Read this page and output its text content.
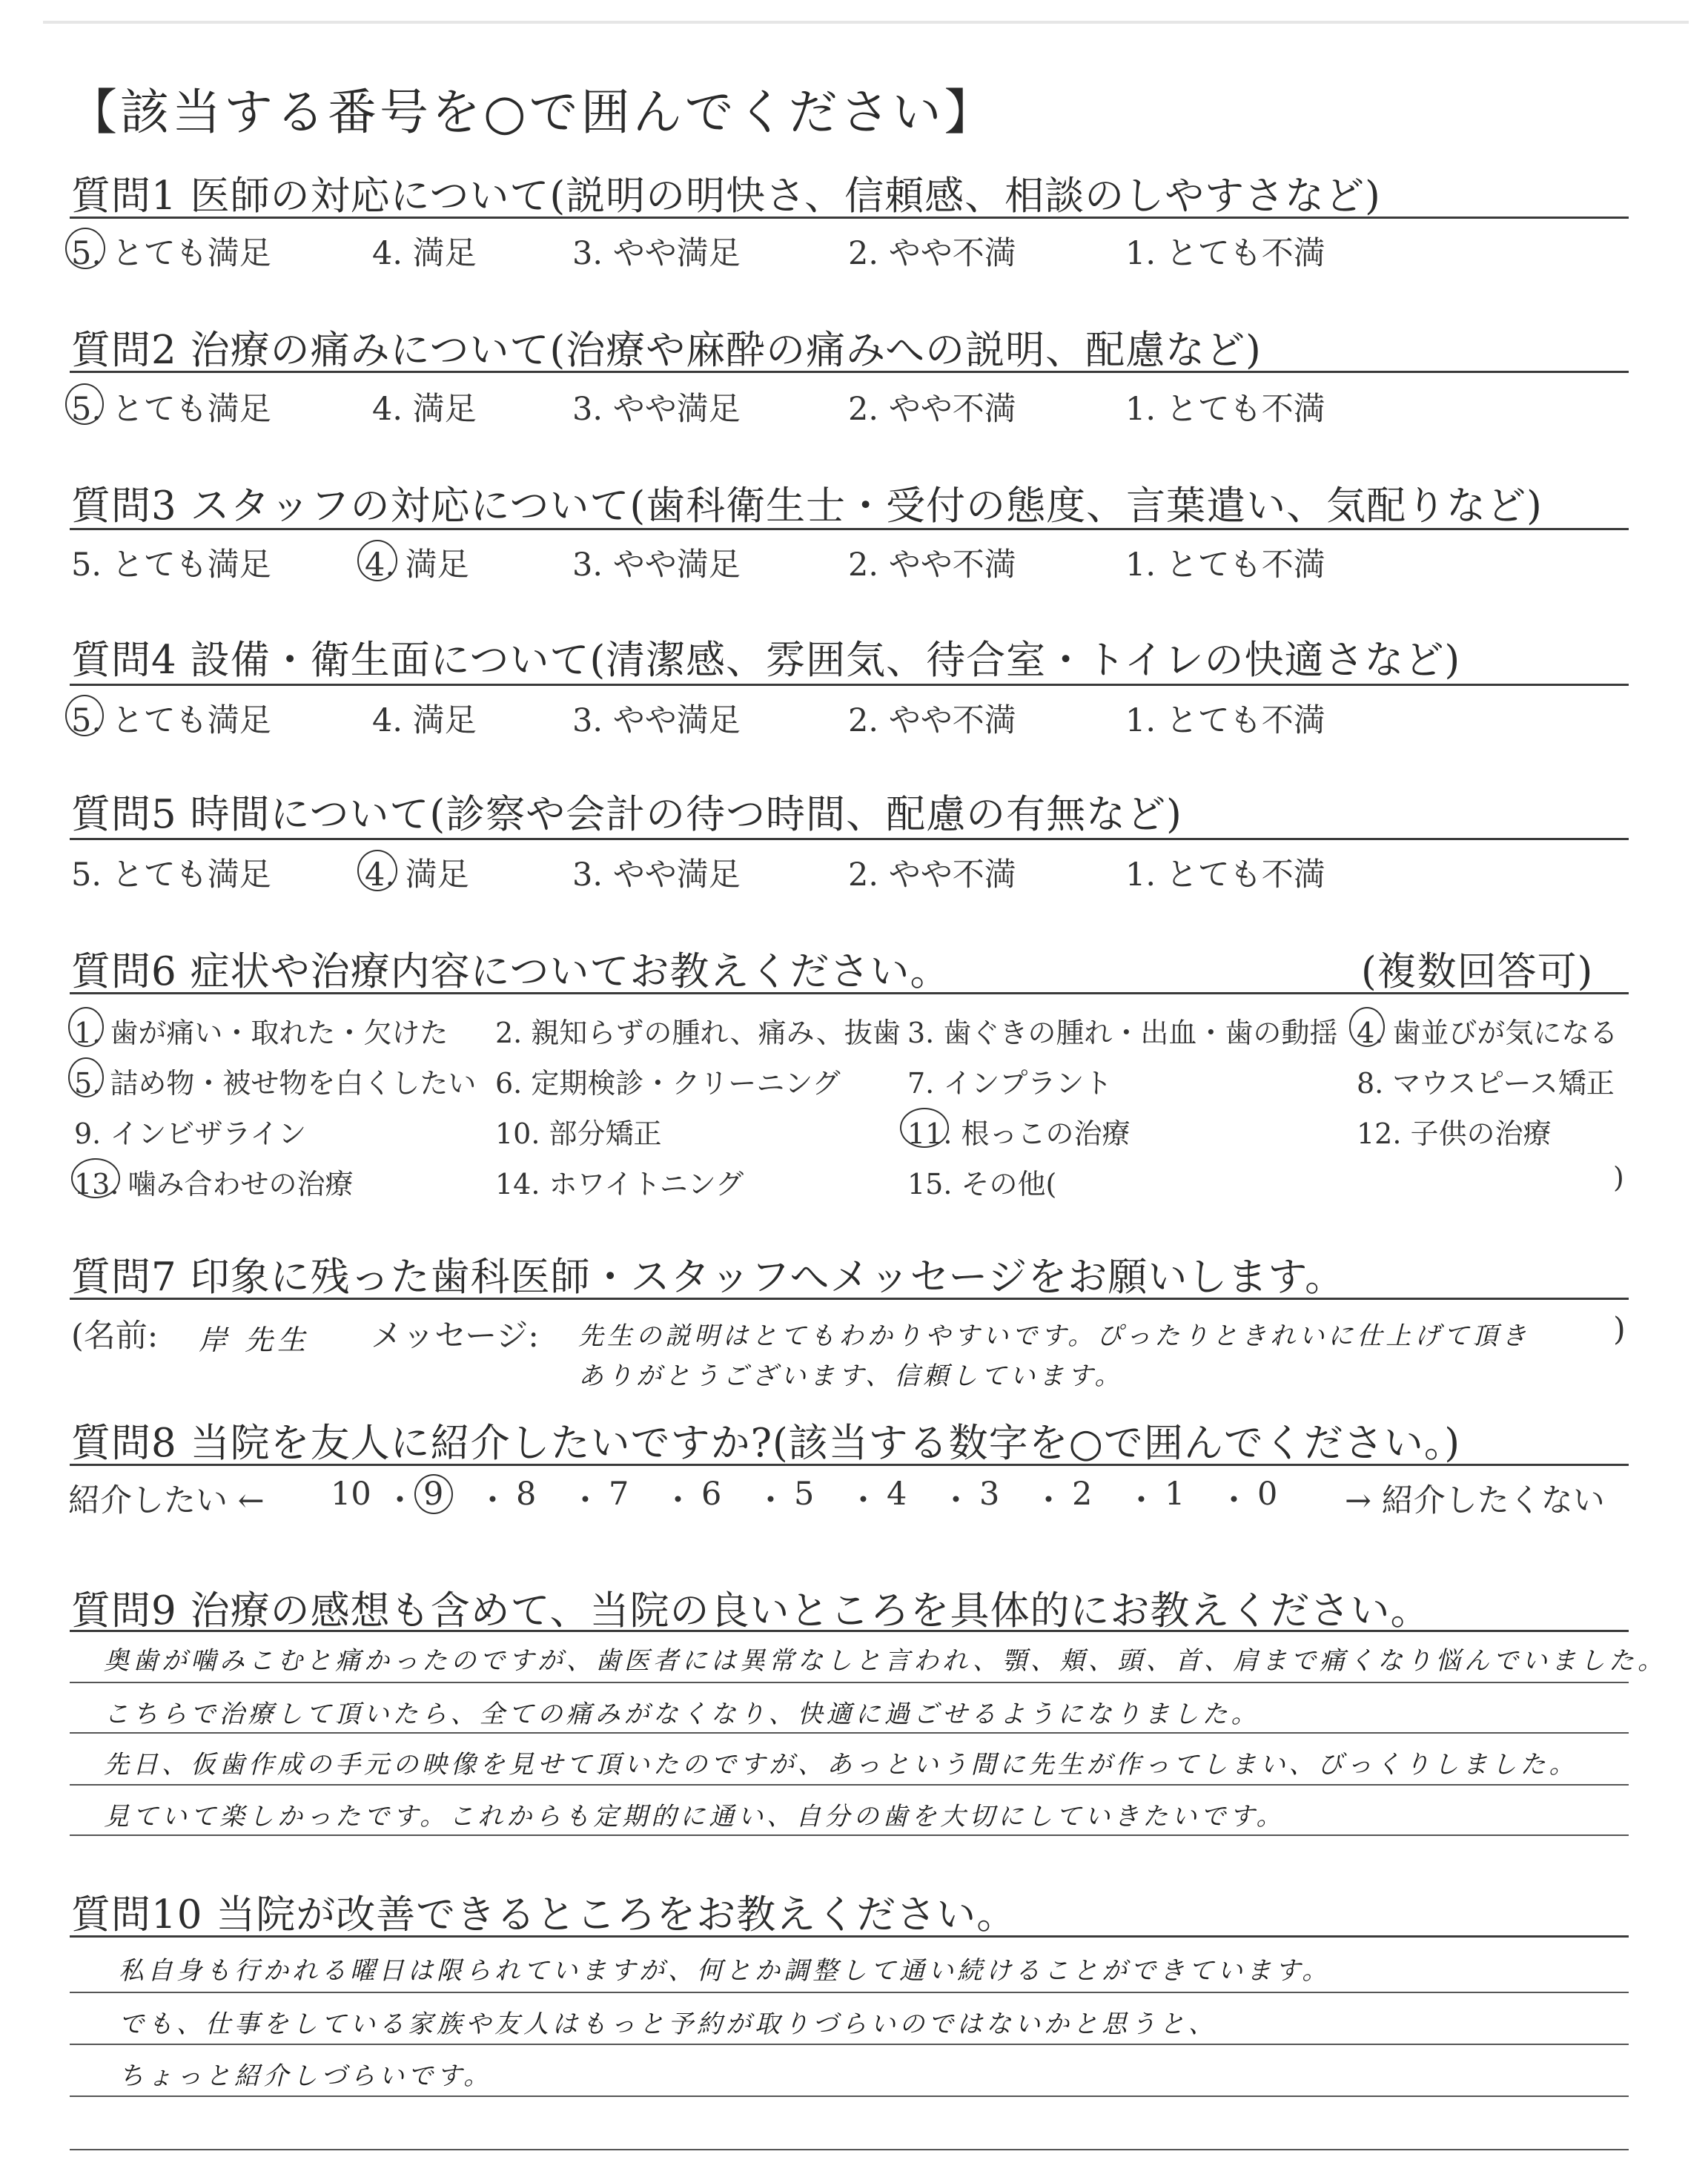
【該当する番号を○で囲んでください】
質問1 医師の対応について(説明の明快さ、信頼感、相談のしやすさなど)
5. とても満足	4. 満足	3. やや満足	2. やや不満	1. とても不満
質問2 治療の痛みについて(治療や麻酔の痛みへの説明、配慮など)
5. とても満足	4. 満足	3. やや満足	2. やや不満	1. とても不満
質問3 スタッフの対応について(歯科衛生士・受付の態度、言葉遣い、気配りなど)
5. とても満足	4. 満足	3. やや満足	2. やや不満	1. とても不満
質問4 設備・衛生面について(清潔感、雰囲気、待合室・トイレの快適さなど)
5. とても満足	4. 満足	3. やや満足	2. やや不満	1. とても不満
質問5 時間について(診察や会計の待つ時間、配慮の有無など)
5. とても満足	4. 満足	3. やや満足	2. やや不満	1. とても不満
質問6 症状や治療内容についてお教えください。	(複数回答可)
1. 歯が痛い・取れた・欠けた 2. 親知らずの腫れ、痛み、抜歯 3. 歯ぐきの腫れ・出血・歯の動揺 4. 歯並びが気になる
5. 詰め物・被せ物を白くしたい 6. 定期検診・クリーニング 7. インプラント	8. マウスピース矯正
9. インビザライン	10. 部分矯正	11. 根っこの治療	12. 子供の治療
13. 噛み合わせの治療	14. ホワイトニング	15. その他(	)
質問7 印象に残った歯科医師・スタッフへメッセージをお願いします。
(名前: 岸 先生 メッセージ: 先生の説明はとてもわかりやすいです。ぴったりときれいに仕上げて頂き
ありがとうございます、信頼しています。
)
質問8 当院を友人に紹介したいですか?(該当する数字を○で囲んでください。)
紹介したい ← 10 ・ 9 ・ 8 ・ 7 ・ 6 ・ 5 ・ 4 ・ 3 ・ 2 ・ 1 ・ 0 → 紹介したくない
質問9 治療の感想も含めて、当院の良いところを具体的にお教えください。
奥歯が噛みこむと痛かったのですが、歯医者には異常なしと言われ、顎、頬、頭、首、肩まで痛くなり悩んでいました。
こちらで治療して頂いたら、全ての痛みがなくなり、快適に過ごせるようになりました。
先日、仮歯作成の手元の映像を見せて頂いたのですが、あっという間に先生が作ってしまい、びっくりしました。
見ていて楽しかったです。これからも定期的に通い、自分の歯を大切にしていきたいです。
質問10 当院が改善できるところをお教えください。
私自身も行かれる曜日は限られていますが、何とか調整して通い続けることができています。
でも、仕事をしている家族や友人はもっと予約が取りづらいのではないかと思うと、
ちょっと紹介しづらいです。
